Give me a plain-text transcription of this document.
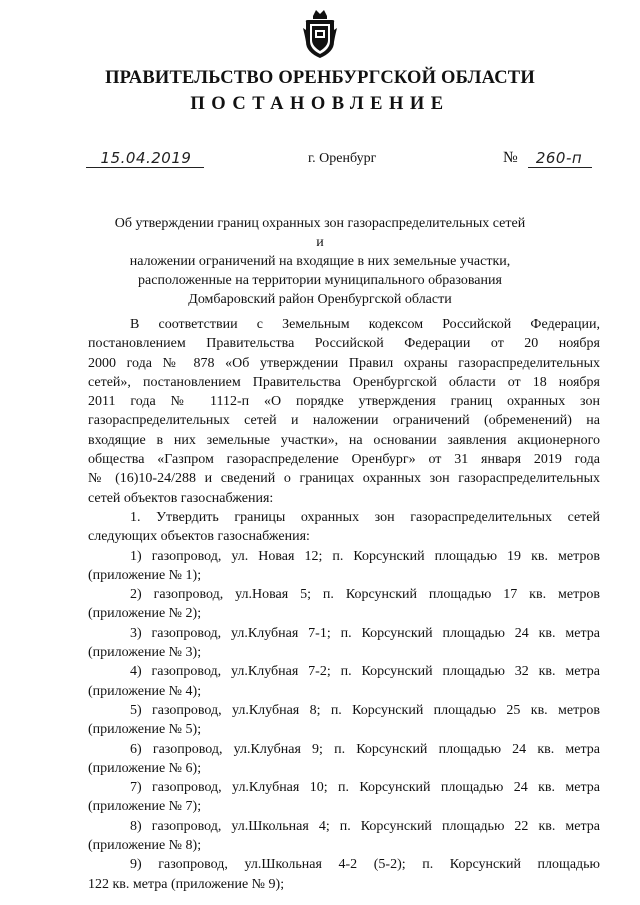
ПРАВИТЕЛЬСТВО ОРЕНБУРГСКОЙ ОБЛАСТИ
ПОСТАНОВЛЕНИЕ
15.04.2019	г. Оренбург	№	260-п
Об утверждении границ охранных зон газораспределительных сетей и
наложении ограничений на входящие в них земельные участки,
расположенные на территории муниципального образования
Домбаровский район Оренбургской области

В соответствии с Земельным кодексом Российской Федерации,

постановлением Правительства Российской Федерации от 20 ноября

2000 года № 878 «Об утверждении Правил охраны газораспределительных

сетей», постановлением Правительства Оренбургской области от 18 ноября

2011 года № 1112-п «О порядке утверждения границ охранных зон

газораспределительных сетей и наложении ограничений (обременений) на

входящие в них земельные участки», на основании заявления акционерного

общества «Газпром газораспределение Оренбург» от 31 января 2019 года

№ (16)10-24/288 и сведений о границах охранных зон газораспределительных

сетей объектов газоснабжения:

1. Утвердить границы охранных зон газораспределительных сетей

следующих объектов газоснабжения:

1) газопровод, ул. Новая 12; п. Корсунский площадью 19 кв. метров

(приложение № 1);

2) газопровод, ул.Новая 5; п. Корсунский площадью 17 кв. метров

(приложение № 2);

3) газопровод, ул.Клубная 7-1; п. Корсунский площадью 24 кв. метра

(приложение № 3);

4) газопровод, ул.Клубная 7-2; п. Корсунский площадью 32 кв. метра

(приложение № 4);

5) газопровод, ул.Клубная 8; п. Корсунский площадью 25 кв. метров

(приложение № 5);

6) газопровод, ул.Клубная 9; п. Корсунский площадью 24 кв. метра

(приложение № 6);

7) газопровод, ул.Клубная 10; п. Корсунский площадью 24 кв. метра

(приложение № 7);

8) газопровод, ул.Школьная 4; п. Корсунский площадью 22 кв. метра

(приложение № 8);

9) газопровод, ул.Школьная 4-2 (5-2); п. Корсунский площадью

122 кв. метра (приложение № 9);
